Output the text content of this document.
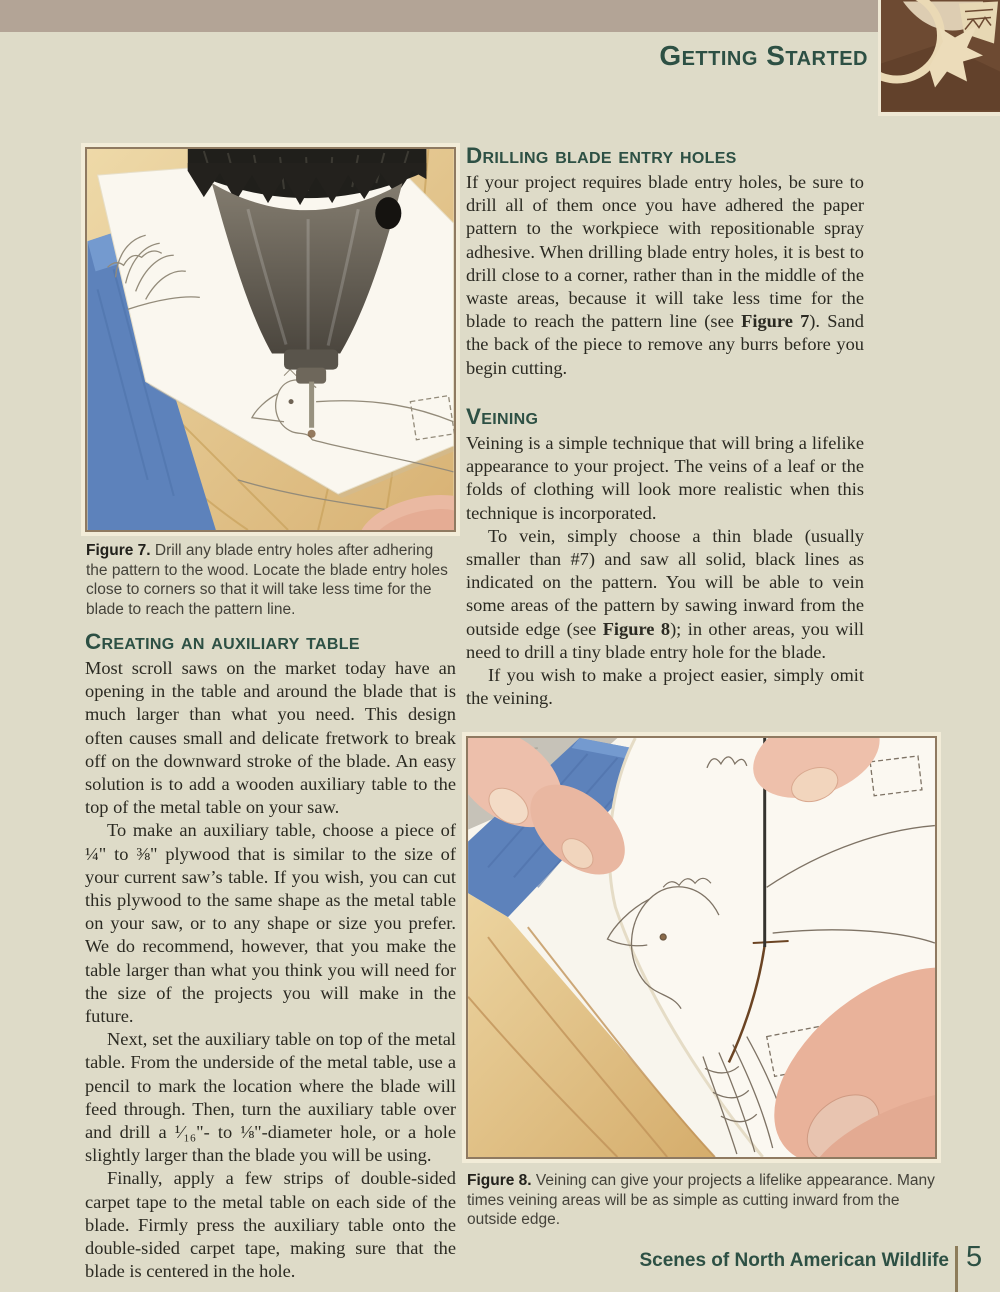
Getting Started
Figure 7. Drill any blade entry holes after adhering the pattern to the wood. Locate the blade entry holes close to corners so that it will take less time for the blade to reach the pattern line.
Creating an auxiliary table

Most scroll saws on the market today have an opening in the table and around the blade that is much larger than what you need. This design often causes small and delicate fretwork to break off on the downward stroke of the blade. An easy solution is to add a wooden auxiliary table to the top of the metal table on your saw.

To make an auxiliary table, choose a piece of ¼" to ⅜" plywood that is similar to the size of your current saw’s table. If you wish, you can cut this plywood to the same shape as the metal table on your saw, or to any shape or size you prefer. We do recommend, however, that you make the table larger than what you think you will need for the size of the projects you will make in the future.

Next, set the auxiliary table on top of the metal table. From the underside of the metal table, use a pencil to mark the location where the blade will feed through. Then, turn the auxiliary table over and drill a ¹⁄₁₆"- to ⅛"-diameter hole, or a hole slightly larger than the blade you will be using.

Finally, apply a few strips of double-sided carpet tape to the metal table on each side of the blade. Firmly press the auxiliary table onto the double-sided carpet tape, making sure that the blade is centered in the hole.

Drilling blade entry holes

If your project requires blade entry holes, be sure to drill all of them once you have adhered the paper pattern to the workpiece with repositionable spray adhesive. When drilling blade entry holes, it is best to drill close to a corner, rather than in the middle of the waste areas, because it will take less time for the blade to reach the pattern line (see Figure 7). Sand the back of the piece to remove any burrs before you begin cutting.

Veining

Veining is a simple technique that will bring a lifelike appearance to your project. The veins of a leaf or the folds of clothing will look more realistic when this technique is incorporated.

To vein, simply choose a thin blade (usually smaller than #7) and saw all solid, black lines as indicated on the pattern. You will be able to vein some areas of the pattern by sawing inward from the outside edge (see Figure 8); in other areas, you will need to drill a tiny blade entry hole for the blade.

If you wish to make a project easier, simply omit the veining.

Figure 8. Veining can give your projects a lifelike appearance. Many times veining areas will be as simple as cutting inward from the outside edge.
Scenes of North American Wildlife 5
